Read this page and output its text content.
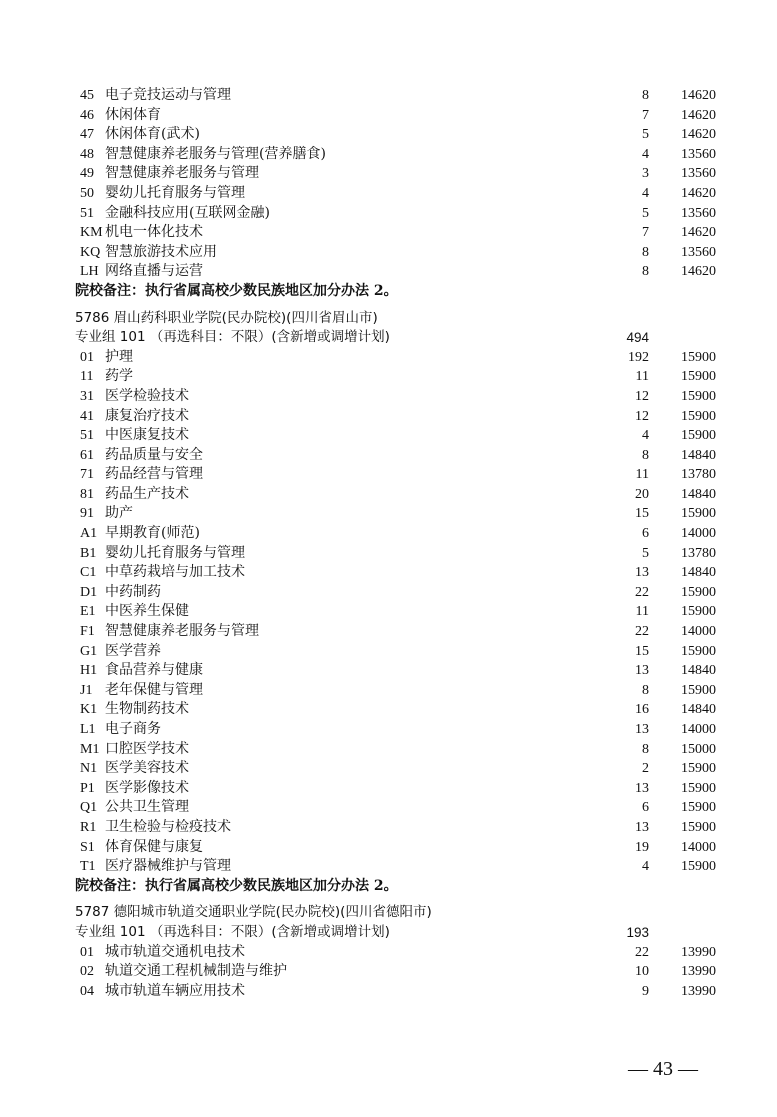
45 电子竞技运动与管理	8 14620
46 休闲体育	7 14620
47 休闲体育(武术)	5 14620
48 智慧健康养老服务与管理(营养膳食)	4 13560
49 智慧健康养老服务与管理	3 13560
50 婴幼儿托育服务与管理	4 14620
51 金融科技应用(互联网金融)	5 13560
KM 机电一体化技术	7 14620
KQ 智慧旅游技术应用	8 13560
LH 网络直播与运营	8 14620
院校备注：执行省属高校少数民族地区加分办法 2。
5786 眉山药科职业学院(民办院校)(四川省眉山市)
专业组 101 （再选科目：不限）(含新增或调增计划)	494
01 护理	192 15900
11 药学	11 15900
31 医学检验技术	12 15900
41 康复治疗技术	12 15900
51 中医康复技术	4 15900
61 药品质量与安全	8 14840
71 药品经营与管理	11 13780
81 药品生产技术	20 14840
91 助产	15 15900
A1 早期教育(师范)	6 14000
B1 婴幼儿托育服务与管理	5 13780
C1 中草药栽培与加工技术	13 14840
D1 中药制药	22 15900
E1 中医养生保健	11 15900
F1 智慧健康养老服务与管理	22 14000
G1 医学营养	15 15900
H1 食品营养与健康	13 14840
J1 老年保健与管理	8 15900
K1 生物制药技术	16 14840
L1 电子商务	13 14000
M1 口腔医学技术	8 15000
N1 医学美容技术	2 15900
P1 医学影像技术	13 15900
Q1 公共卫生管理	6 15900
R1 卫生检验与检疫技术	13 15900
S1 体育保健与康复	19 14000
T1 医疗器械维护与管理	4 15900
院校备注：执行省属高校少数民族地区加分办法 2。
5787 德阳城市轨道交通职业学院(民办院校)(四川省德阳市)
专业组 101 （再选科目：不限）(含新增或调增计划)	193
01 城市轨道交通机电技术	22 13990
02 轨道交通工程机械制造与维护	10 13990
04 城市轨道车辆应用技术	9 13990
— 43 —
